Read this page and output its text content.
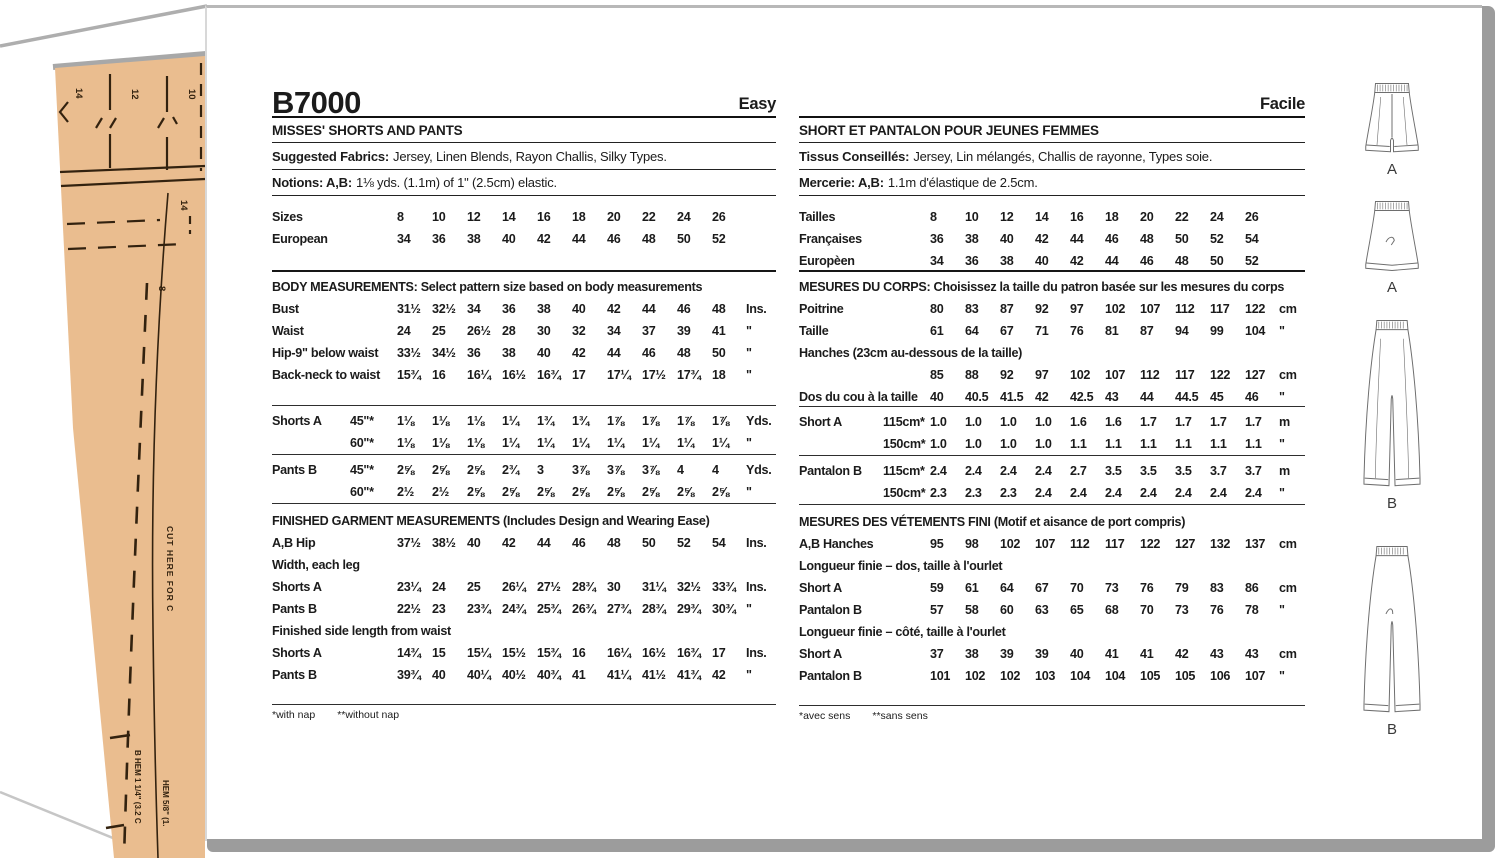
14	12	10
14
8
CUT HERE FOR C
B HEM 1 1/4" (3.2 C HEM 5/8" (1.
B7000	Easy
MISSES' SHORTS AND PANTS
Suggested Fabrics: Jersey, Linen Blends, Rayon Challis, Silky Types.
Notions: A,B: 1⅛ yds. (1.1m) of 1" (2.5cm) elastic.
Sizes	8	10	12	14	16	18	20	22	24	26
European	34	36	38	40	42	44	46	48	50	52
BODY MEASUREMENTS: Select pattern size based on body measurements
Bust	31½ 32½ 34	36	38	40	42	44	46	48	Ins.
Waist	24	25	26½ 28	30	32	34	37	39	41	"
Hip-9" below waist	33½ 34½ 36	38	40	42	44	46	48	50	"
Back-neck to waist	15¾ 16	16¼ 16½ 16¾ 17	17¼ 17½ 17¾ 18	"
Shorts A	45"*	1⅛	1⅛	1⅛	1¼	1¾	1¾	1⅞	1⅞	1⅞	1⅞	Yds.
60"*	1⅛	1⅛	1⅛	1¼	1¼	1¼	1¼	1¼	1¼	1¼	"
Pants B	45"*	2⅝	2⅝	2⅝	2¾	3	3⅞	3⅞	3⅞	4	4	Yds.
60"*	2½	2½	2⅝	2⅝	2⅝	2⅝	2⅝	2⅝	2⅝	2⅝	"
FINISHED GARMENT MEASUREMENTS (Includes Design and Wearing Ease)
A,B Hip	37½ 38½ 40	42	44	46	48	50	52	54	Ins.
Width, each leg
Shorts A	23¼ 24	25	26¼ 27½ 28¾ 30	31¼ 32½ 33¾ Ins.
Pants B	22½ 23	23¾ 24¾ 25¾ 26¾ 27¾ 28¾ 29¾ 30¾ "
Finished side length from waist
Shorts A	14¾ 15	15¼ 15½ 15¾ 16	16¼ 16½ 16¾ 17	Ins.
Pants B	39¾ 40	40¼ 40½ 40¾ 41	41¼ 41½ 41¾ 42	"
*with nap **without nap
Facile
SHORT ET PANTALON POUR JEUNES FEMMES
Tissus Conseillés: Jersey, Lin mélangés, Challis de rayonne, Types soie.
Mercerie: A,B: 1.1m d'élastique de 2.5cm.
Tailles	8	10	12	14	16	18	20	22	24	26
Françaises	36	38	40	42	44	46	48	50	52	54
Europèen	34	36	38	40	42	44	46	48	50	52
MESURES DU CORPS: Choisissez la taille du patron basée sur les mesures du corps
Poitrine	80	83	87	92	97	102	107	112	117	122	cm
Taille	61	64	67	71	76	81	87	94	99	104	"
Hanches (23cm au-dessous de la taille)
85	88	92	97	102	107	112	117	122	127	cm
Dos du cou à la taille 40	40.5 41.5 42	42.5 43	44	44.5 45	46	"
Short A	115cm* 1.0	1.0	1.0	1.0	1.6	1.6	1.7	1.7	1.7	1.7	m
150cm* 1.0	1.0	1.0	1.0	1.1	1.1	1.1	1.1	1.1	1.1	"
Pantalon B	115cm* 2.4	2.4	2.4	2.4	2.7	3.5	3.5	3.5	3.7	3.7	m
150cm* 2.3	2.3	2.3	2.4	2.4	2.4	2.4	2.4	2.4	2.4	"
MESURES DES VÉTEMENTS FINI (Motif et aisance de port compris)
A,B Hanches	95	98	102	107	112	117	122	127	132	137	cm
Longueur finie – dos, taille à l'ourlet
Short A	59	61	64	67	70	73	76	79	83	86	cm
Pantalon B	57	58	60	63	65	68	70	73	76	78	"
Longueur finie – côté, taille à l'ourlet
Short A	37	38	39	39	40	41	41	42	43	43	cm
Pantalon B	101	102	102	103	104	104	105	105	106	107	"
*avec sens **sans sens
A
A
B
B
